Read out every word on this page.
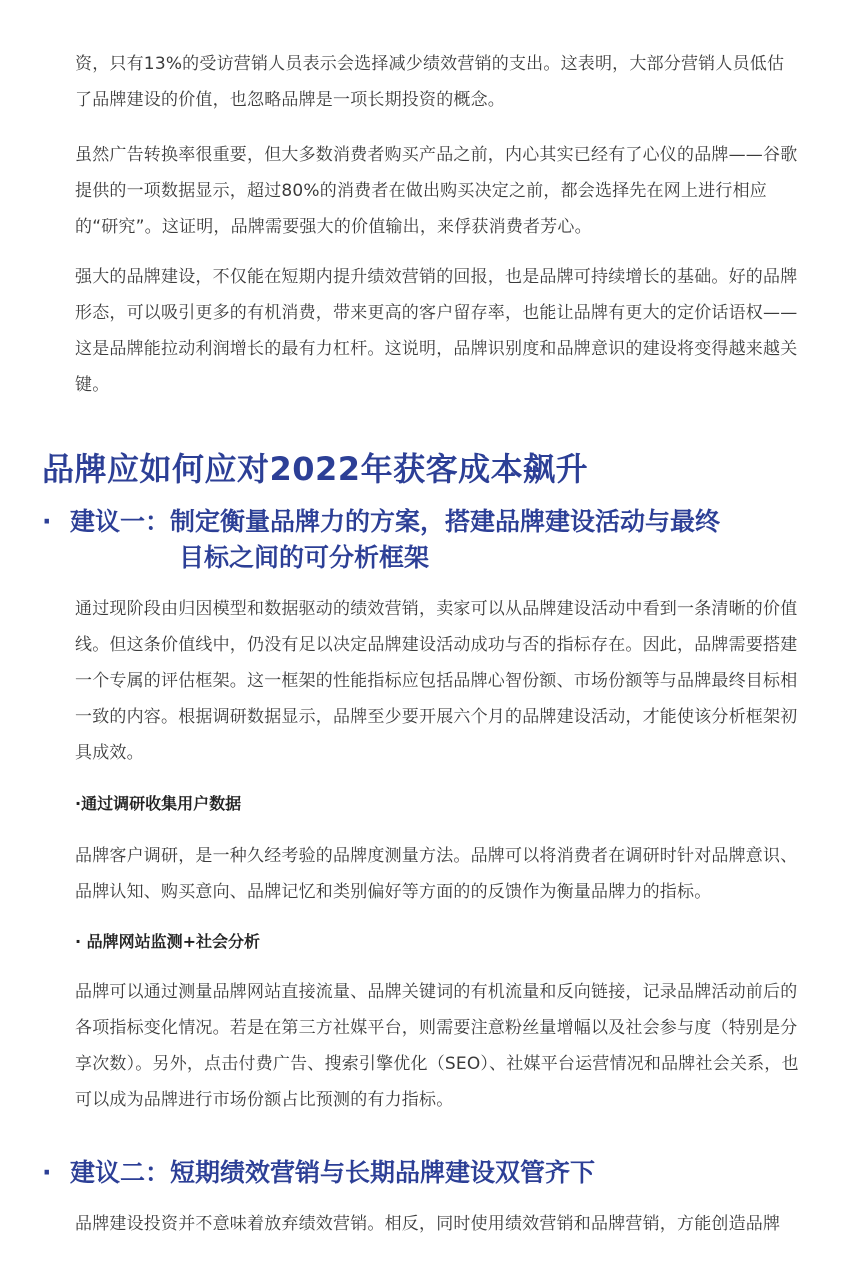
资，只有13%的受访营销人员表示会选择减少绩效营销的支出。这表明，大部分营销人员低估了品牌建设的价值，也忽略品牌是一项长期投资的概念。

虽然广告转换率很重要，但大多数消费者购买产品之前，内心其实已经有了心仪的品牌——谷歌提供的一项数据显示，超过80%的消费者在做出购买决定之前，都会选择先在网上进行相应的“研究”。这证明，品牌需要强大的价值输出，来俘获消费者芳心。

强大的品牌建设，不仅能在短期内提升绩效营销的回报，也是品牌可持续增长的基础。好的品牌形态，可以吸引更多的有机消费，带来更高的客户留存率，也能让品牌有更大的定价话语权——这是品牌能拉动利润增长的最有力杠杆。这说明，品牌识别度和品牌意识的建设将变得越来越关键。

品牌应如何应对2022年获客成本飙升
· 建议一：制定衡量品牌力的方案，搭建品牌建设活动与最终
目标之间的可分析框架

通过现阶段由归因模型和数据驱动的绩效营销，卖家可以从品牌建设活动中看到一条清晰的价值线。但这条价值线中，仍没有足以决定品牌建设活动成功与否的指标存在。因此，品牌需要搭建一个专属的评估框架。这一框架的性能指标应包括品牌心智份额、市场份额等与品牌最终目标相一致的内容。根据调研数据显示，品牌至少要开展六个月的品牌建设活动，才能使该分析框架初具成效。

·通过调研收集用户数据

品牌客户调研，是一种久经考验的品牌度测量方法。品牌可以将消费者在调研时针对品牌意识、品牌认知、购买意向、品牌记忆和类别偏好等方面的的反馈作为衡量品牌力的指标。

· 品牌网站监测+社会分析

品牌可以通过测量品牌网站直接流量、品牌关键词的有机流量和反向链接，记录品牌活动前后的各项指标变化情况。若是在第三方社媒平台，则需要注意粉丝量增幅以及社会参与度（特别是分享次数）。另外，点击付费广告、搜索引擎优化（SEO）、社媒平台运营情况和品牌社会关系，也可以成为品牌进行市场份额占比预测的有力指标。

· 建议二：短期绩效营销与长期品牌建设双管齐下

品牌建设投资并不意味着放弃绩效营销。相反，同时使用绩效营销和品牌营销，方能创造品牌
